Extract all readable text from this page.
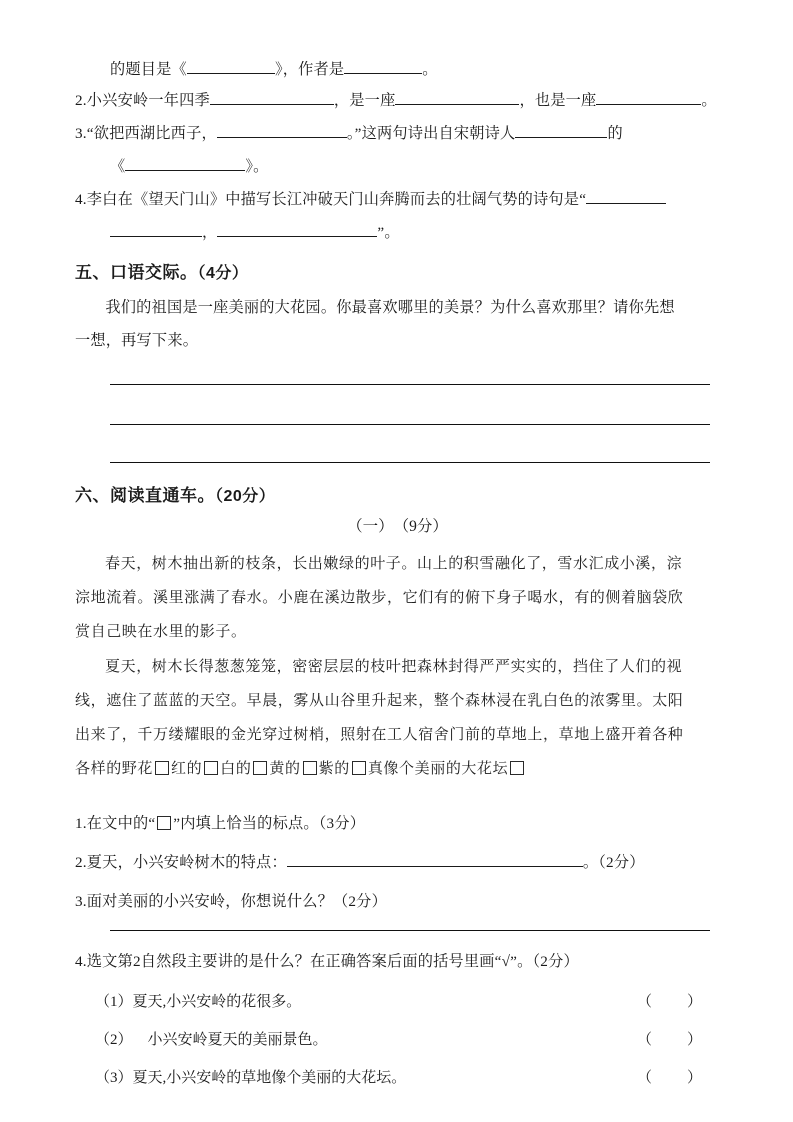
的题目是《	》，作者是	。
2.小兴安岭一年四季	，是一座	，也是一座	。
3.“欲把西湖比西子，	。”这两句诗出自宋朝诗人	的
《	》。
4.李白在《望天门山》中描写长江冲破天门山奔腾而去的壮阔气势的诗句是“
，	”。
五、口语交际。（4分）
我们的祖国是一座美丽的大花园。你最喜欢哪里的美景？为什么喜欢那里？请你先想
一想，再写下来。
六、阅读直通车。（20分）
（一）　（9分）
春天，树木抽出新的枝条，长出嫩绿的叶子。山上的积雪融化了，雪水汇成小溪，淙
淙地流着。溪里涨满了春水。小鹿在溪边散步，它们有的俯下身子喝水，有的侧着脑袋欣
赏自己映在水里的影子。
夏天，树木长得葱葱笼笼，密密层层的枝叶把森林封得严严实实的，挡住了人们的视
线，遮住了蓝蓝的天空。早晨，雾从山谷里升起来，整个森林浸在乳白色的浓雾里。太阳
出来了，千万缕耀眼的金光穿过树梢，照射在工人宿舍门前的草地上，草地上盛开着各种
各样的野花 红的 白的 黄的 紫的 真像个美丽的大花坛
1.在文中的“ ”内填上恰当的标点。（3分）
2.夏天，小兴安岭树木的特点：	。（2分）
3.面对美丽的小兴安岭，你想说什么？（2分）
4.选文第2自然段主要讲的是什么？在正确答案后面的括号里画“√”。（2分）
（1）夏天,小兴安岭的花很多。	（　）
（2）　小兴安岭夏天的美丽景色。	（　）
（3）夏天,小兴安岭的草地像个美丽的大花坛。	（　）
